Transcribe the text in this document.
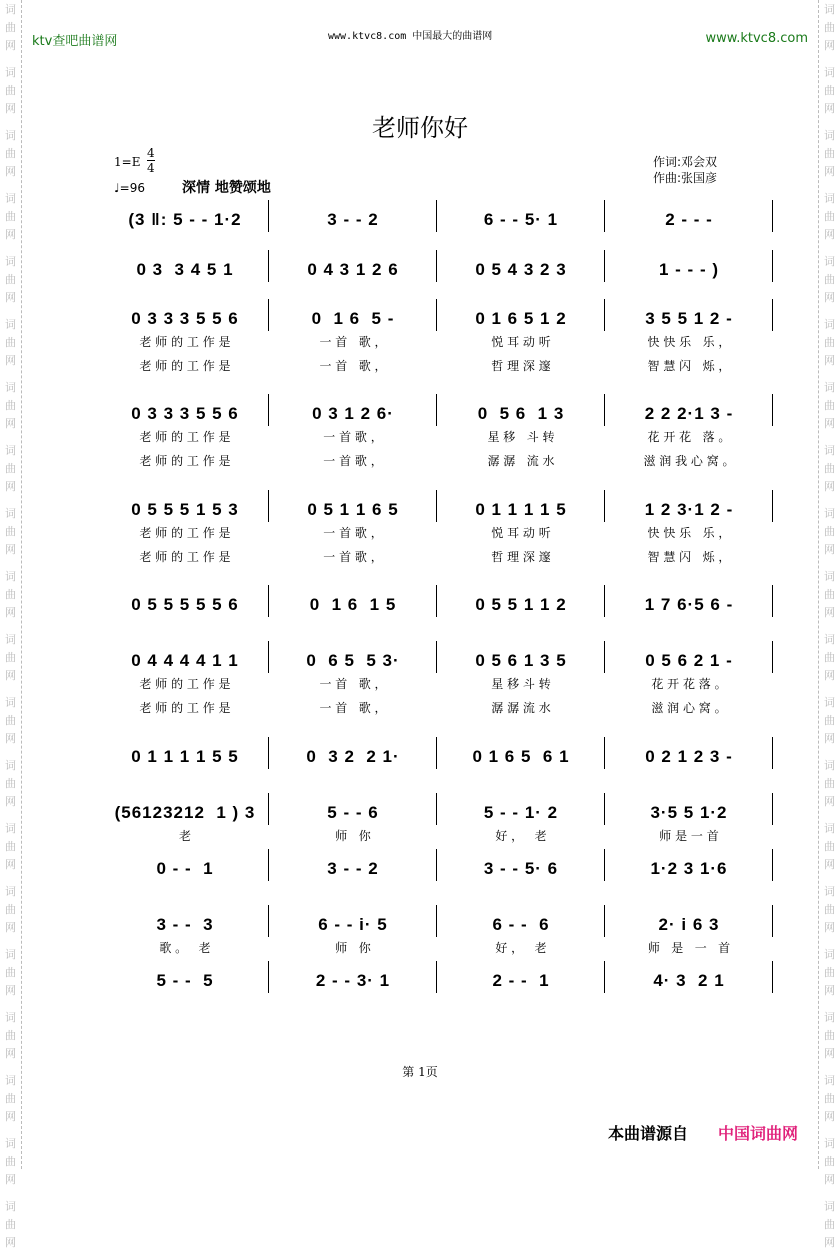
词
曲
网
词
曲
网
词
曲
网
词
曲
网
词
曲
网
词
曲
网
词
曲
网
词
曲
网
词
曲
网
词
曲
网
词
曲
网
词
曲
网
词
曲
网
词
曲
网
词
曲
网
词
曲
网
词
曲
网
词
曲
网
词
曲
网
词
曲
网
词
曲
网
词
曲
网
词
曲
网
词
曲
网
词
曲
网
词
曲
网
词
曲
网
词
曲
网
词
曲
网
词
曲
网
词
曲
网
词
曲
网
词
曲
网
词
曲
网
词
曲
网
词
曲
网
词
曲
网
词
曲
网
词
曲
网
词
曲
网
ktv查吧曲谱网	www.ktvc8.com 中国最大的曲谱网	www.ktvc8.com
老师你好
1=E
4
4
♩=96	深情 地赞颂地
作词:邓会双
作曲:张国彦
(3 ‖: 5 - - 1·2	3 - - 2	6 - - 5· 1	2 - - -
0 3  3 4 5 1	0 4 3 1 2 6	0 5 4 3 2 3	1 - - - )
0 3 3 3 5 5 6	0  1 6  5 -	0 1 6 5 1 2	3 5 5 1 2 -
老 师 的 工 作 是	一 首   歌 ，	悦 耳 动 听	快 快 乐   乐 ，
老 师 的 工 作 是	一 首   歌 ，	哲 理 深 邃	智 慧 闪   烁 ，
0 3 3 3 5 5 6	0 3 1 2 6·	0  5 6  1 3	2 2 2·1 3 -
老 师 的 工 作 是	一 首 歌 ，	星 移   斗 转	花 开 花   落 。
老 师 的 工 作 是	一 首 歌 ，	潺 潺   流 水	滋 润 我 心 窝 。
0 5 5 5 1 5 3	0 5 1 1 6 5	0 1 1 1 1 5	1 2 3·1 2 -
老 师 的 工 作 是	一 首 歌 ，	悦 耳 动 听	快 快 乐   乐 ，
老 师 的 工 作 是	一 首 歌 ，	哲 理 深 邃	智 慧 闪   烁 ，
0 5 5 5 5 5 6	0  1 6  1 5	0 5 5 1 1 2	1 7 6·5 6 -
0 4 4 4 4 1 1	0  6 5  5 3·	0 5 6 1 3 5	0 5 6 2 1 -
老 师 的 工 作 是	一 首   歌 ，	星 移 斗 转	花 开 花 落 。
老 师 的 工 作 是	一 首   歌 ，	潺 潺 流 水	滋 润 心 窝 。
0 1 1 1 1 5 5	0  3 2  2 1·	0 1 6 5  6 1	0 2 1 2 3 -
(56123212  1 ) 3	5 - - 6	5 - - 1· 2	3·5 5 1·2
老	师   你	好 ，   老	师 是 一 首
0 - -  1	3 - - 2	3 - - 5· 6	1·2 3 1·6
3 - -  3	6 - - i· 5	6 - -  6	2· i 6 3
歌 。   老	师   你	好 ，   老	师   是   一   首
5 - -  5	2 - - 3· 1	2 - -  1	4· 3  2 1
第 1页
本曲谱源自 中国词曲网
